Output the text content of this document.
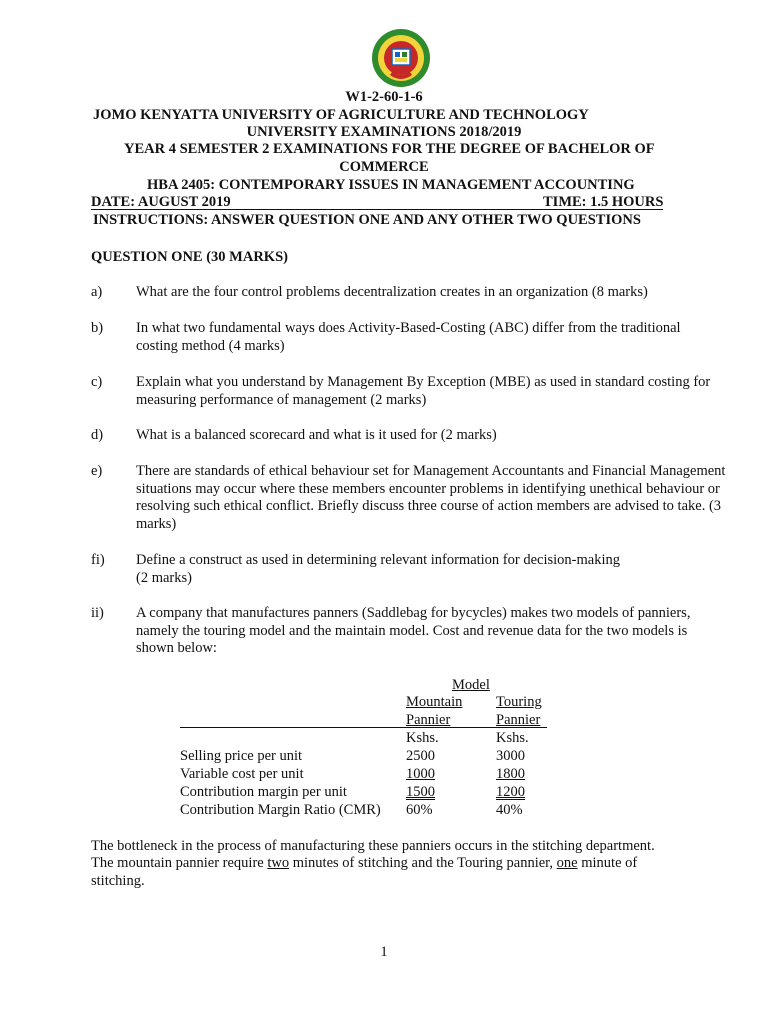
W1-2-60-1-6
JOMO KENYATTA UNIVERSITY OF AGRICULTURE AND TECHNOLOGY
UNIVERSITY EXAMINATIONS 2018/2019
YEAR 4 SEMESTER 2 EXAMINATIONS FOR THE DEGREE OF BACHELOR OF
COMMERCE
HBA 2405: CONTEMPORARY ISSUES IN MANAGEMENT ACCOUNTING
DATE: AUGUST 2019	TIME: 1.5 HOURS
INSTRUCTIONS: ANSWER QUESTION ONE AND ANY OTHER TWO QUESTIONS
QUESTION ONE (30 MARKS)
a) What are the four control problems decentralization creates in an organization (8 marks)
b) In what two fundamental ways does Activity-Based-Costing (ABC) differ from the traditional costing method (4 marks)
c) Explain what you understand by Management By Exception (MBE) as used in standard costing for measuring performance of management (2 marks)
d) What is a balanced scorecard and what is it used for (2 marks)
e) There are standards of ethical behaviour set for Management Accountants and Financial Management situations may occur where these members encounter problems in identifying unethical behaviour or resolving such ethical conflict. Briefly discuss three course of action members are advised to take. (3 marks)
fi) Define a construct as used in determining relevant information for decision-making
(2 marks)
ii) A company that manufactures panners (Saddlebag for bycycles) makes two models of panniers, namely the touring model and the maintain model. Cost and revenue data for the two models is shown below:
Model
Mountain Touring
Pannier	Pannier
Kshs.	Kshs.
Selling price per unit	2500	3000
Variable cost per unit	1000	1800
Contribution margin per unit	1500	1200
Contribution Margin Ratio (CMR) 60%	40%
The bottleneck in the process of manufacturing these panniers occurs in the stitching department.
The mountain pannier require two minutes of stitching and the Touring pannier, one minute of
stitching.
1
